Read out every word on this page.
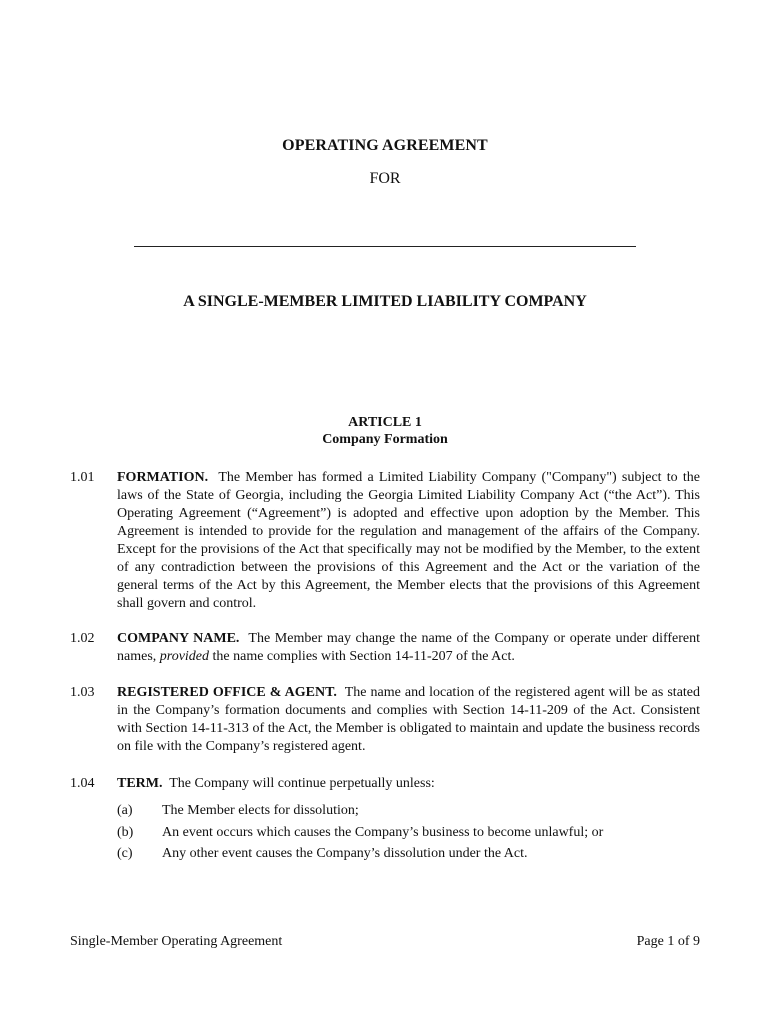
OPERATING AGREEMENT
FOR
A SINGLE-MEMBER LIMITED LIABILITY COMPANY
ARTICLE 1
Company Formation
1.01	FORMATION. The Member has formed a Limited Liability Company ("Company") subject to the laws of the State of Georgia, including the Georgia Limited Liability Company Act (“the Act”). This Operating Agreement (“Agreement”) is adopted and effective upon adoption by the Member. This Agreement is intended to provide for the regulation and management of the affairs of the Company. Except for the provisions of the Act that specifically may not be modified by the Member, to the extent of any contradiction between the provisions of this Agreement and the Act or the variation of the general terms of the Act by this Agreement, the Member elects that the provisions of this Agreement shall govern and control.
1.02	COMPANY NAME. The Member may change the name of the Company or operate under different names, provided the name complies with Section 14-11-207 of the Act.
1.03	REGISTERED OFFICE & AGENT. The name and location of the registered agent will be as stated in the Company’s formation documents and complies with Section 14-11-209 of the Act. Consistent with Section 14-11-313 of the Act, the Member is obligated to maintain and update the business records on file with the Company’s registered agent.
1.04	TERM. The Company will continue perpetually unless:
(a)	The Member elects for dissolution;
(b)	An event occurs which causes the Company’s business to become unlawful; or
(c)	Any other event causes the Company’s dissolution under the Act.
Single-Member Operating Agreement	Page 1 of 9
